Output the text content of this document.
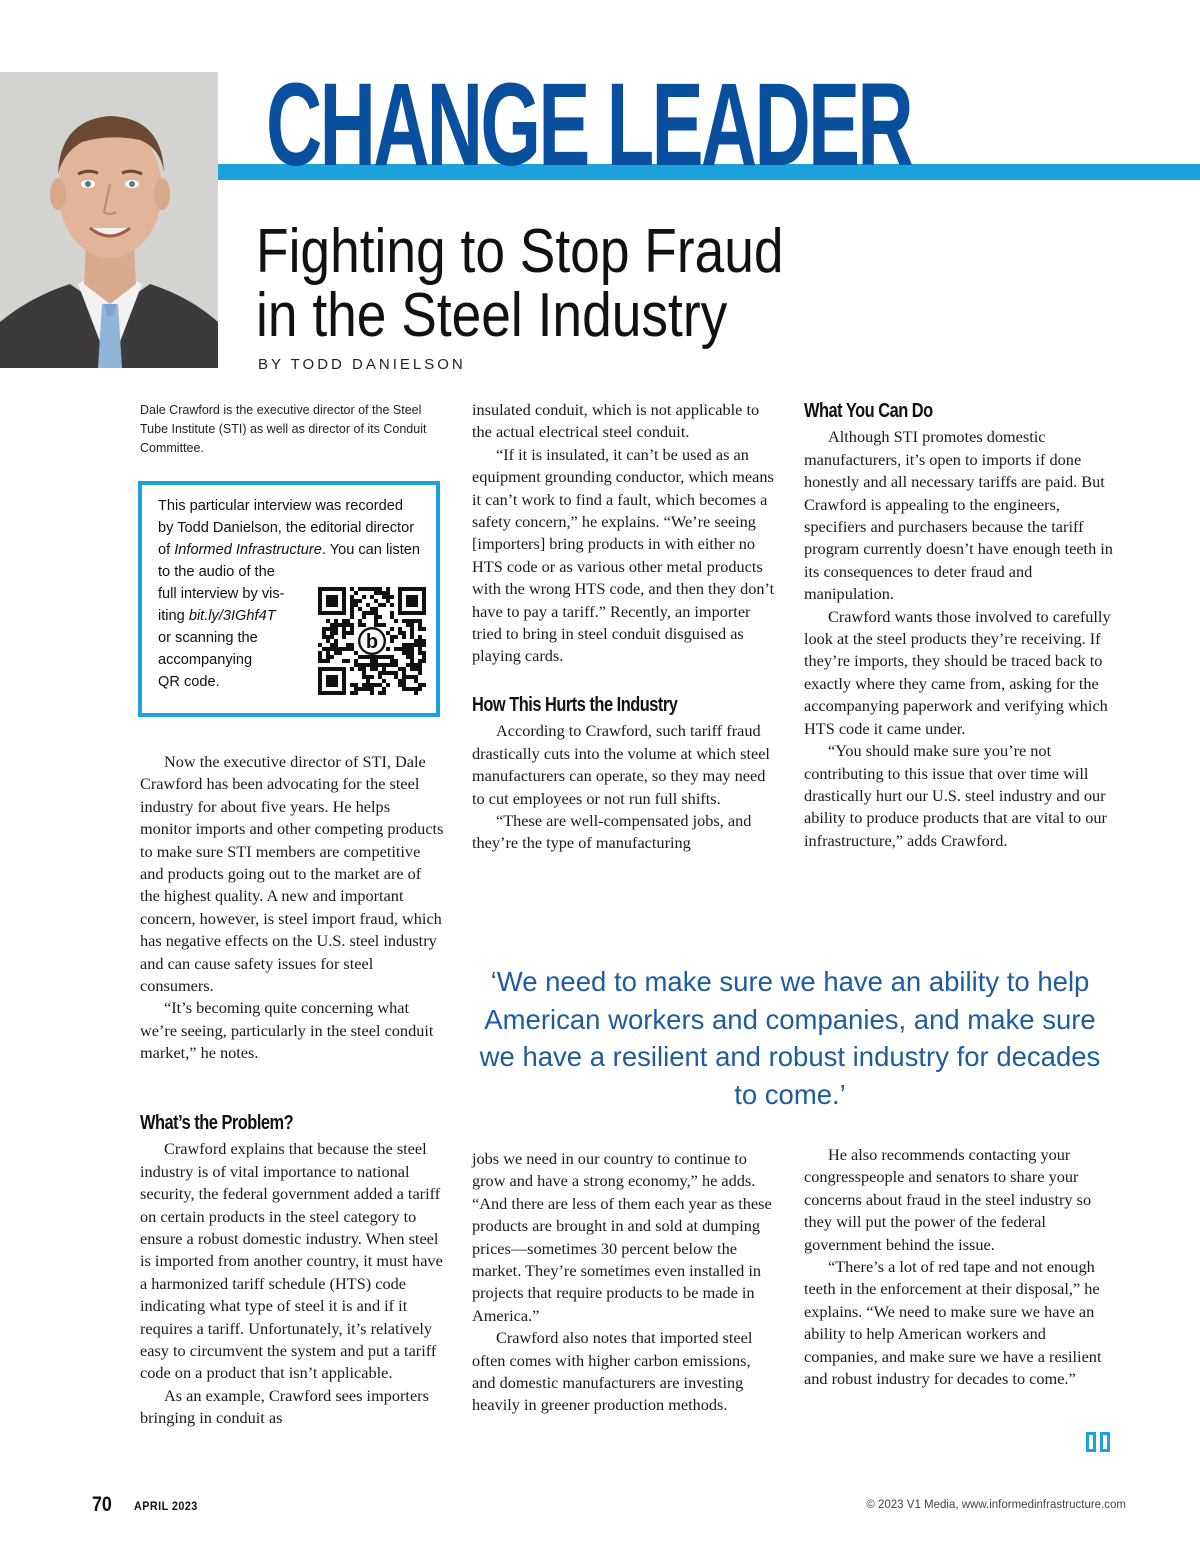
CHANGE LEADER
Fighting to Stop Fraud
in the Steel Industry
BY TODD DANIELSON
Dale Crawford is the executive director of the Steel Tube Institute (STI) as well as director of its Conduit Committee.
This particular interview was recorded
by Todd Danielson, the editorial director
of Informed Infrastructure. You can listen
to the audio of the
full interview by vis-
iting bit.ly/3IGhf4T
or scanning the
accompanying
QR code.
b

Now the executive director of STI, Dale Crawford has been advocating for the steel industry for about five years. He helps monitor imports and other competing products to make sure STI members are competitive and products going out to the market are of the highest quality. A new and important concern, however, is steel import fraud, which has negative effects on the U.S. steel industry and can cause safety issues for steel consumers.

“It’s becoming quite concerning what we’re seeing, particularly in the steel conduit market,” he notes.

What’s the Problem?

Crawford explains that because the steel industry is of vital importance to national security, the federal government added a tariff on certain products in the steel category to ensure a robust domestic industry. When steel is imported from another country, it must have a harmonized tariff schedule (HTS) code indicating what type of steel it is and if it requires a tariff. Unfortunately, it’s relatively easy to circumvent the system and put a tariff code on a product that isn’t applicable.

As an example, Crawford sees importers bringing in conduit as

insulated conduit, which is not applicable to the actual electrical steel conduit.

“If it is insulated, it can’t be used as an equipment grounding conductor, which means it can’t work to find a fault, which becomes a safety concern,” he explains. “We’re seeing [importers] bring products in with either no HTS code or as various other metal products with the wrong HTS code, and then they don’t have to pay a tariff.” Recently, an importer tried to bring in steel conduit disguised as playing cards.

How This Hurts the Industry

According to Crawford, such tariff fraud drastically cuts into the volume at which steel manufacturers can operate, so they may need to cut employees or not run full shifts.

“These are well-compensated jobs, and they’re the type of manufacturing

jobs we need in our country to continue to grow and have a strong economy,” he adds. “And there are less of them each year as these products are brought in and sold at dumping prices—sometimes 30 percent below the market. They’re sometimes even installed in projects that require products to be made in America.”

Crawford also notes that imported steel often comes with higher carbon emissions, and domestic manufacturers are investing heavily in greener production methods.

What You Can Do

Although STI promotes domestic manufacturers, it’s open to imports if done honestly and all necessary tariffs are paid. But Crawford is appealing to the engineers, specifiers and purchasers because the tariff program currently doesn’t have enough teeth in its consequences to deter fraud and manipulation.

Crawford wants those involved to carefully look at the steel products they’re receiving. If they’re imports, they should be traced back to exactly where they came from, asking for the accompanying paperwork and verifying which HTS code it came under.

“You should make sure you’re not contributing to this issue that over time will drastically hurt our U.S. steel industry and our ability to produce products that are vital to our infrastructure,” adds Crawford.

He also recommends contacting your congresspeople and senators to share your concerns about fraud in the steel industry so they will put the power of the federal government behind the issue.

“There’s a lot of red tape and not enough teeth in the enforcement at their disposal,” he explains. “We need to make sure we have an ability to help American workers and companies, and make sure we have a resilient and robust industry for decades to come.”

‘We need to make sure we have an ability to help American workers and companies, and make sure we have a resilient and robust industry for decades to come.’
70 APRIL 2023	© 2023 V1 Media, www.informedinfrastructure.com
